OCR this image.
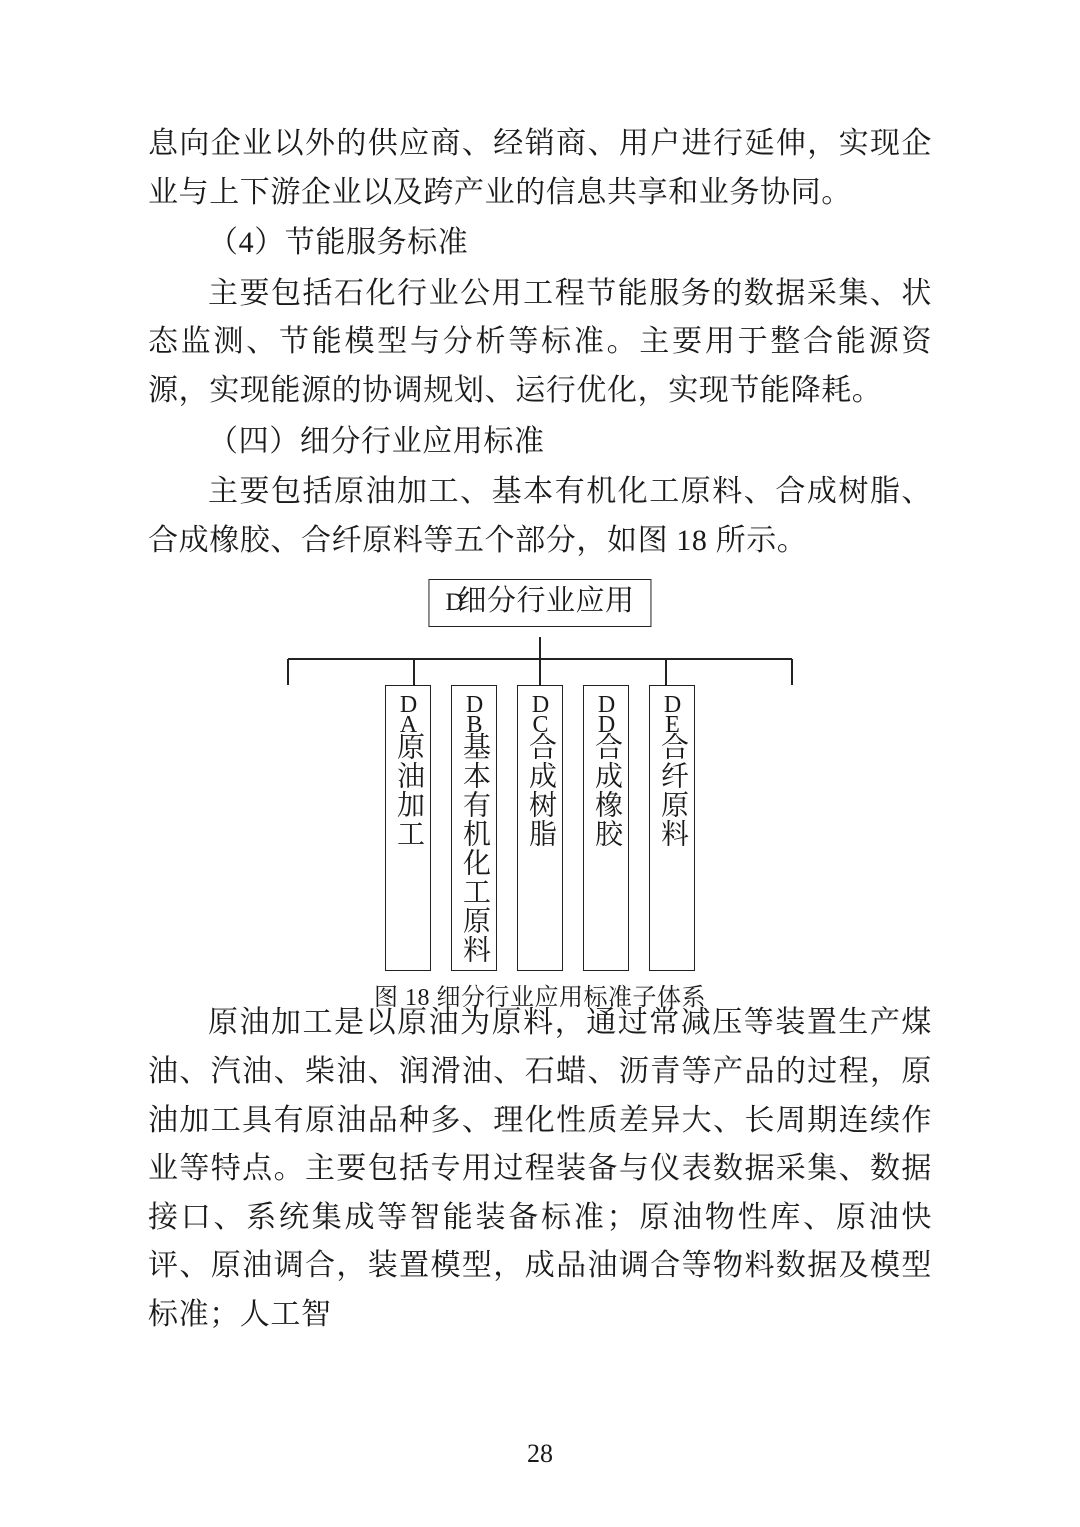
息向企业以外的供应商、经销商、用户进行延伸，实现企业与上下游企业以及跨产业的信息共享和业务协同。

（4）节能服务标准

主要包括石化行业公用工程节能服务的数据采集、状态监测、节能模型与分析等标准。主要用于整合能源资源，实现能源的协调规划、运行优化，实现节能降耗。

（四）细分行业应用标准

主要包括原油加工、基本有机化工原料、合成树脂、合成橡胶、合纤原料等五个部分，如图 18 所示。

D细分行业应用
DA
原油加工
DB
基本有机化工原料
DC
合成树脂
DD
合成橡胶
DE
合纤原料
图 18 细分行业应用标准子体系

原油加工是以原油为原料，通过常减压等装置生产煤油、汽油、柴油、润滑油、石蜡、沥青等产品的过程，原油加工具有原油品种多、理化性质差异大、长周期连续作业等特点。主要包括专用过程装备与仪表数据采集、数据接口、系统集成等智能装备标准；原油物性库、原油快评、原油调合，装置模型，成品油调合等物料数据及模型标准；人工智

28
